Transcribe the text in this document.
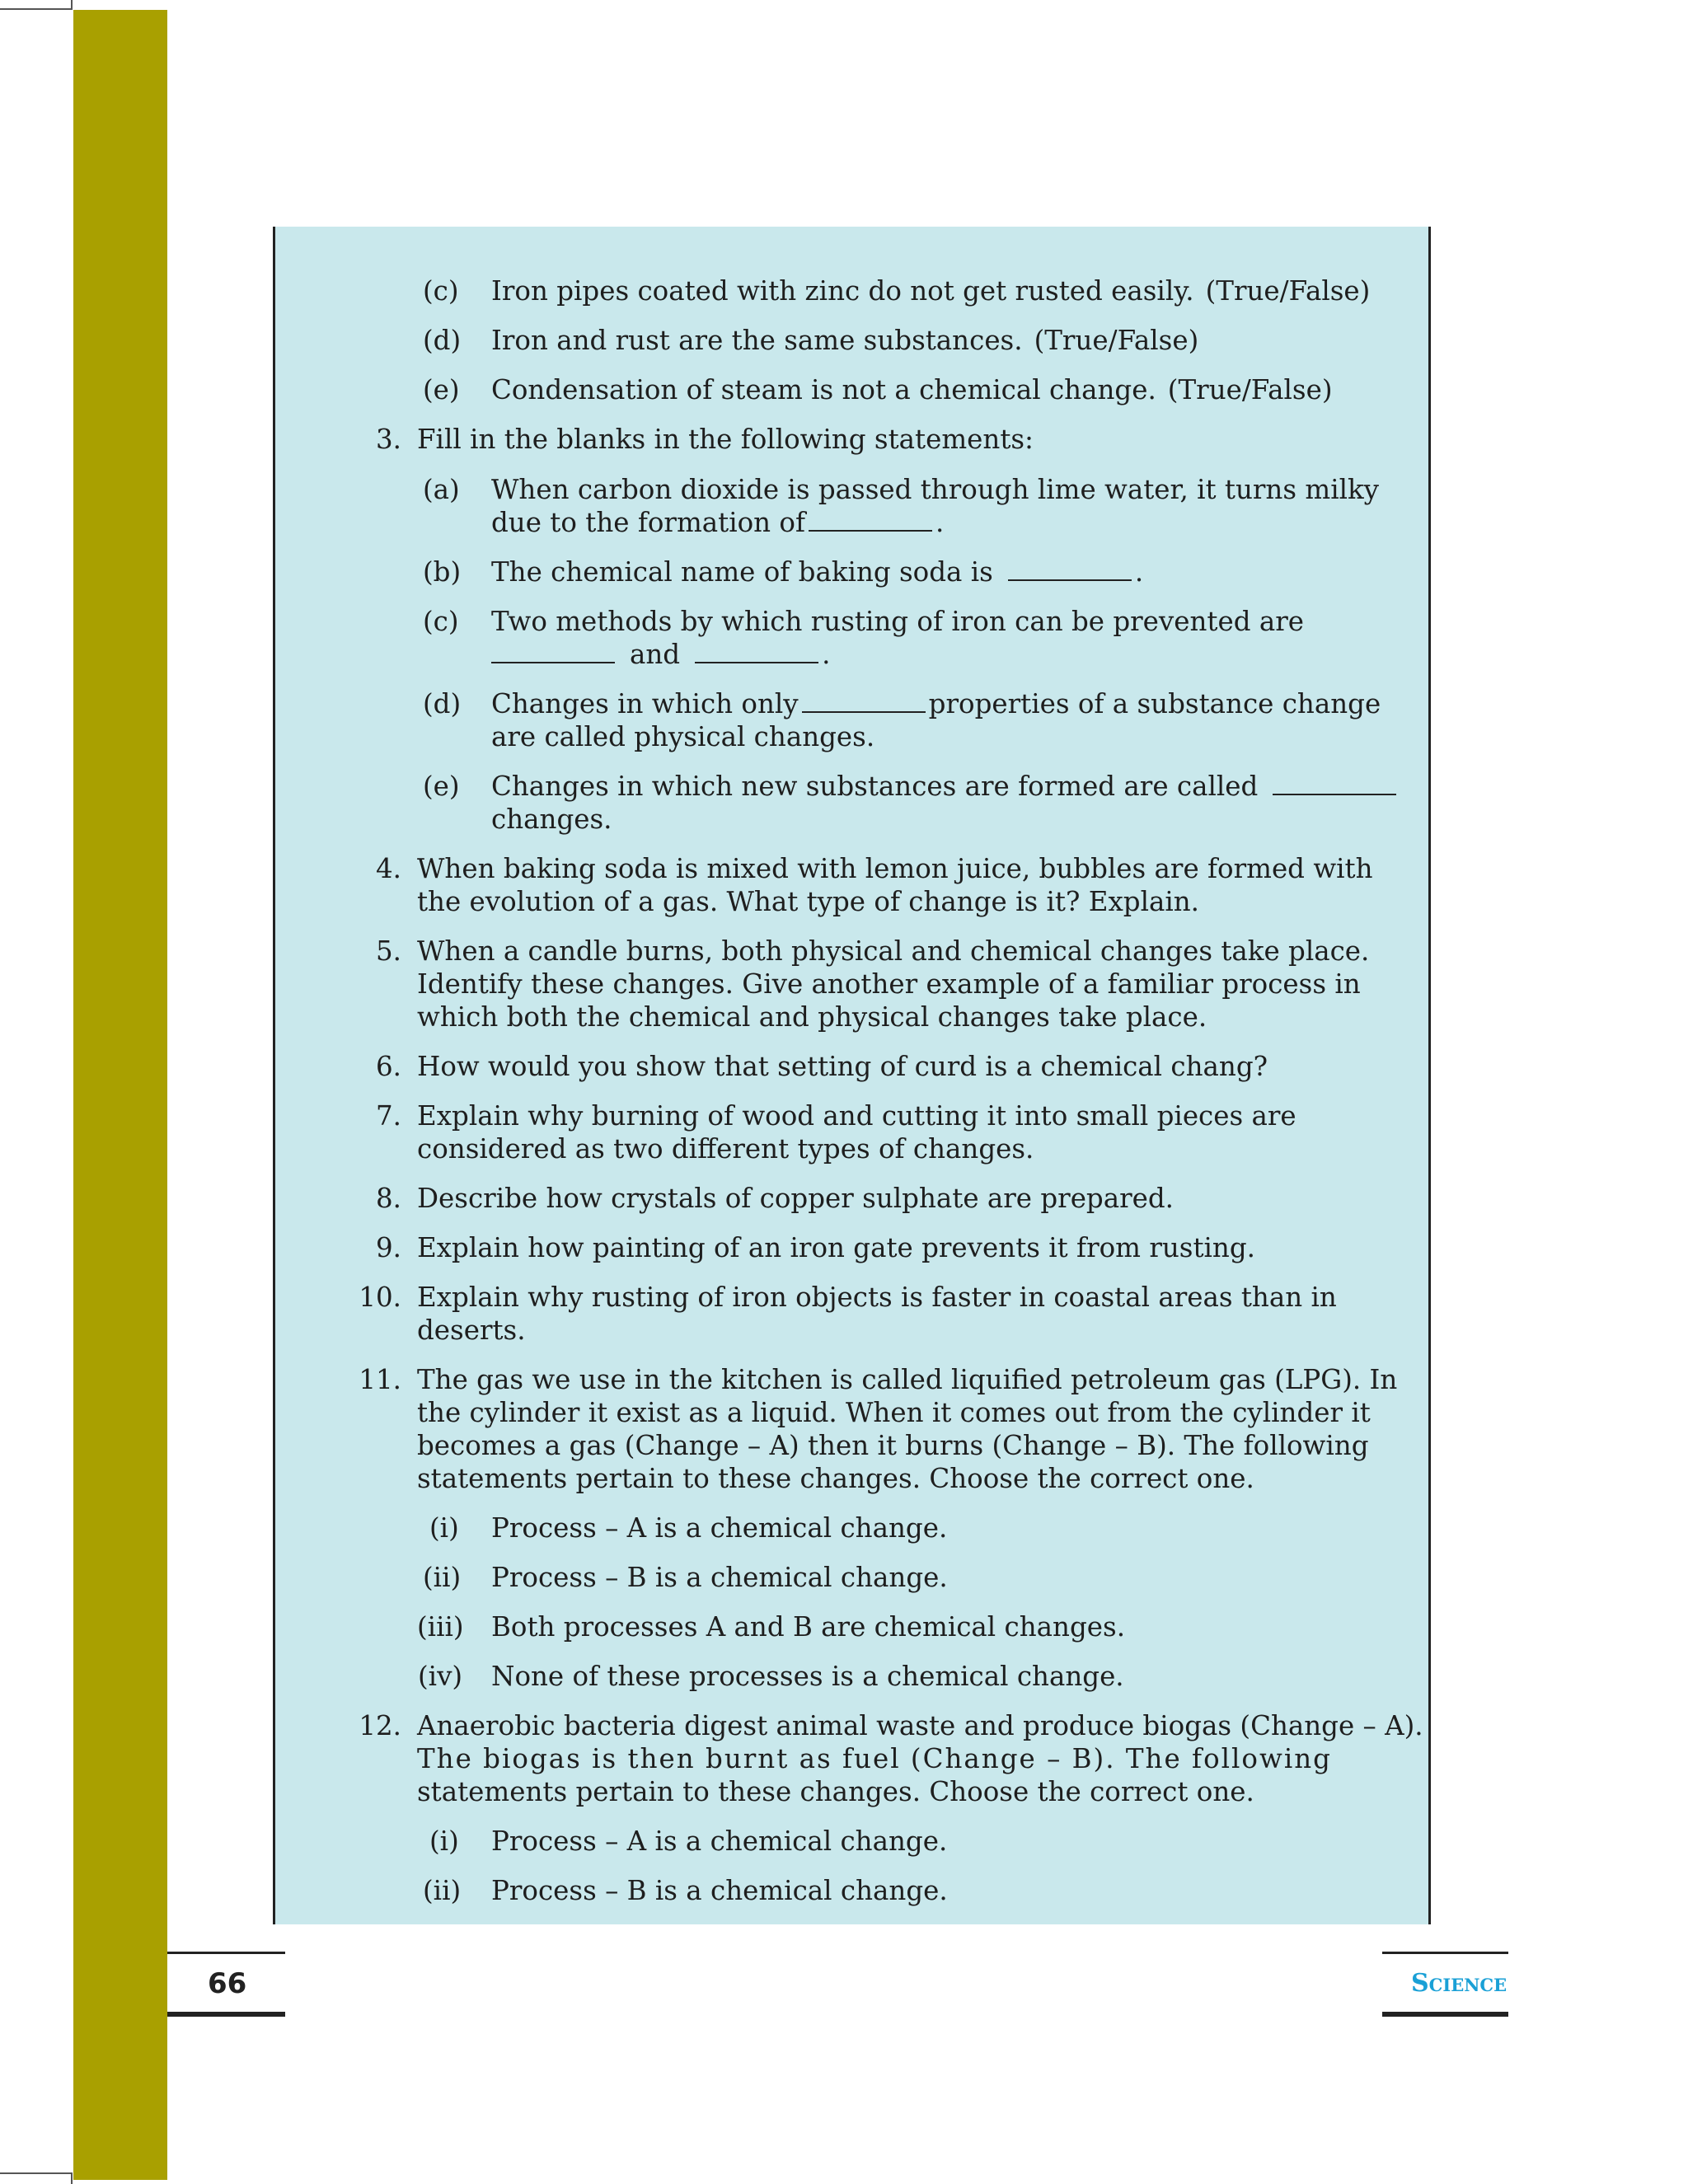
(c) Iron pipes coated with zinc do not get rusted easily. (True/False)
(d) Iron and rust are the same substances. (True/False)
(e) Condensation of steam is not a chemical change. (True/False)
3. Fill in the blanks in the following statements:
(a) When carbon dioxide is passed through lime water, it turns milky
due to the formation of	.
(b) The chemical name of baking soda is	.
(c) Two methods by which rusting of iron can be prevented are
and	.
(d) Changes in which only	properties of a substance change
are called physical changes.
(e) Changes in which new substances are formed are called
changes.
4. When baking soda is mixed with lemon juice, bubbles are formed with
the evolution of a gas. What type of change is it? Explain.
5. When a candle burns, both physical and chemical changes take place.
Identify these changes. Give another example of a familiar process in
which both the chemical and physical changes take place.
6. How would you show that setting of curd is a chemical chang?
7. Explain why burning of wood and cutting it into small pieces are
considered as two different types of changes.
8. Describe how crystals of copper sulphate are prepared.
9. Explain how painting of an iron gate prevents it from rusting.
10. Explain why rusting of iron objects is faster in coastal areas than in
deserts.
11. The gas we use in the kitchen is called liquified petroleum gas (LPG). In
the cylinder it exist as a liquid. When it comes out from the cylinder it
becomes a gas (Change – A) then it burns (Change – B). The following
statements pertain to these changes. Choose the correct one.
(i) Process – A is a chemical change.
(ii) Process – B is a chemical change.
(iii) Both processes A and B are chemical changes.
(iv) None of these processes is a chemical change.
12. Anaerobic bacteria digest animal waste and produce biogas (Change – A).
The biogas is then burnt as fuel (Change – B). The following
statements pertain to these changes. Choose the correct one.
(i) Process – A is a chemical change.
(ii) Process – B is a chemical change.
66	Science
